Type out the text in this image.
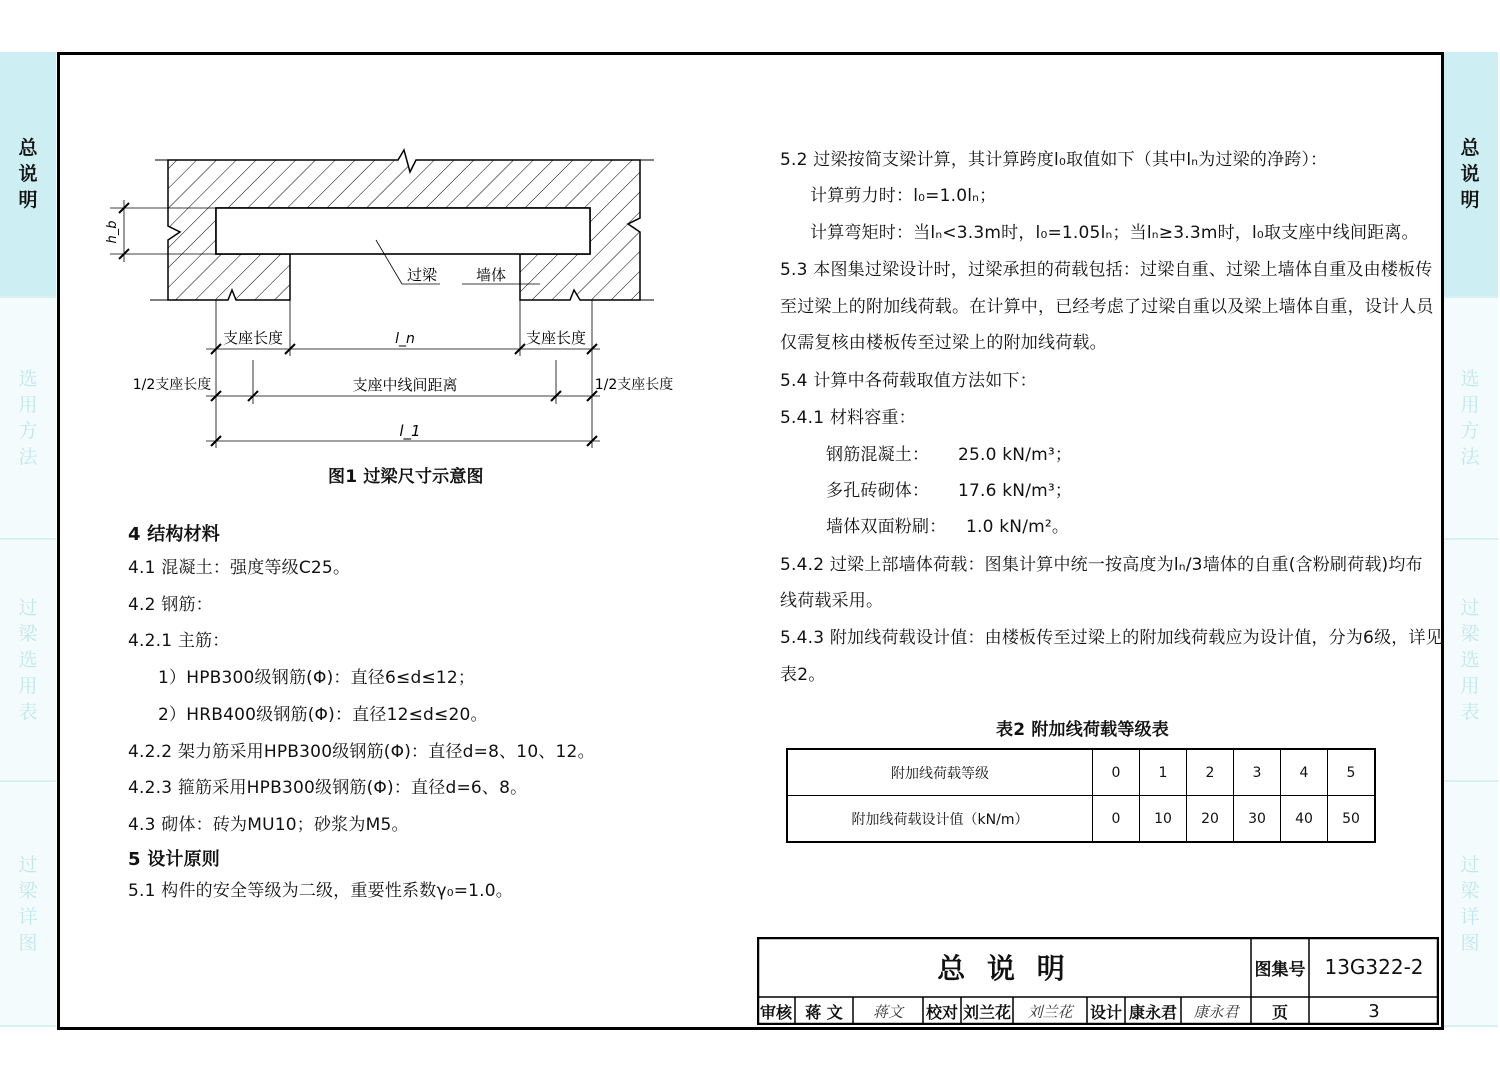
总
说
明
选
用
方
法
过
梁
选
用
表
过
梁
详
图
总
说
明
选
用
方
法
过
梁
选
用
表
过
梁
详
图
h_b
过梁	墙体
支座长度	l_n	支座长度
1/2支座长度	支座中线间距离	1/2支座长度
l_1
图1 过梁尺寸示意图
4 结构材料
4.1 混凝土：强度等级C25。
4.2 钢筋：
4.2.1 主筋：
1）HPB300级钢筋(Φ)：直径6≤d≤12；
2）HRB400级钢筋(Φ)：直径12≤d≤20。
4.2.2 架力筋采用HPB300级钢筋(Φ)：直径d=8、10、12。
4.2.3 箍筋采用HPB300级钢筋(Φ)：直径d=6、8。
4.3 砌体：砖为MU10；砂浆为M5。
5 设计原则
5.1 构件的安全等级为二级，重要性系数γ₀=1.0。
5.2 过梁按简支梁计算，其计算跨度l₀取值如下（其中lₙ为过梁的净跨）：
计算剪力时：l₀=1.0lₙ；
计算弯矩时：当lₙ<3.3m时，l₀=1.05lₙ；当lₙ≥3.3m时，l₀取支座中线间距离。
5.3 本图集过梁设计时，过梁承担的荷载包括：过梁自重、过梁上墙体自重及由楼板传
至过梁上的附加线荷载。在计算中，已经考虑了过梁自重以及梁上墙体自重，设计人员
仅需复核由楼板传至过梁上的附加线荷载。
5.4 计算中各荷载取值方法如下：
5.4.1 材料容重：
钢筋混凝土： 25.0 kN/m³；
多孔砖砌体： 17.6 kN/m³；
墙体双面粉刷： 1.0 kN/m²。
5.4.2 过梁上部墙体荷载：图集计算中统一按高度为lₙ/3墙体的自重(含粉刷荷载)均布
线荷载采用。
5.4.3 附加线荷载设计值：由楼板传至过梁上的附加线荷载应为设计值，分为6级，详见
表2。
表2 附加线荷载等级表
附加线荷载等级	0	1	2	3	4	5
附加线荷载设计值（kN/m）	0	10	20	30	40	50
总 说 明	图集号 13G322-2
审核 蒋 文	蒋文	校对 刘兰花	刘兰花	设计 康永君	康永君	页	3
